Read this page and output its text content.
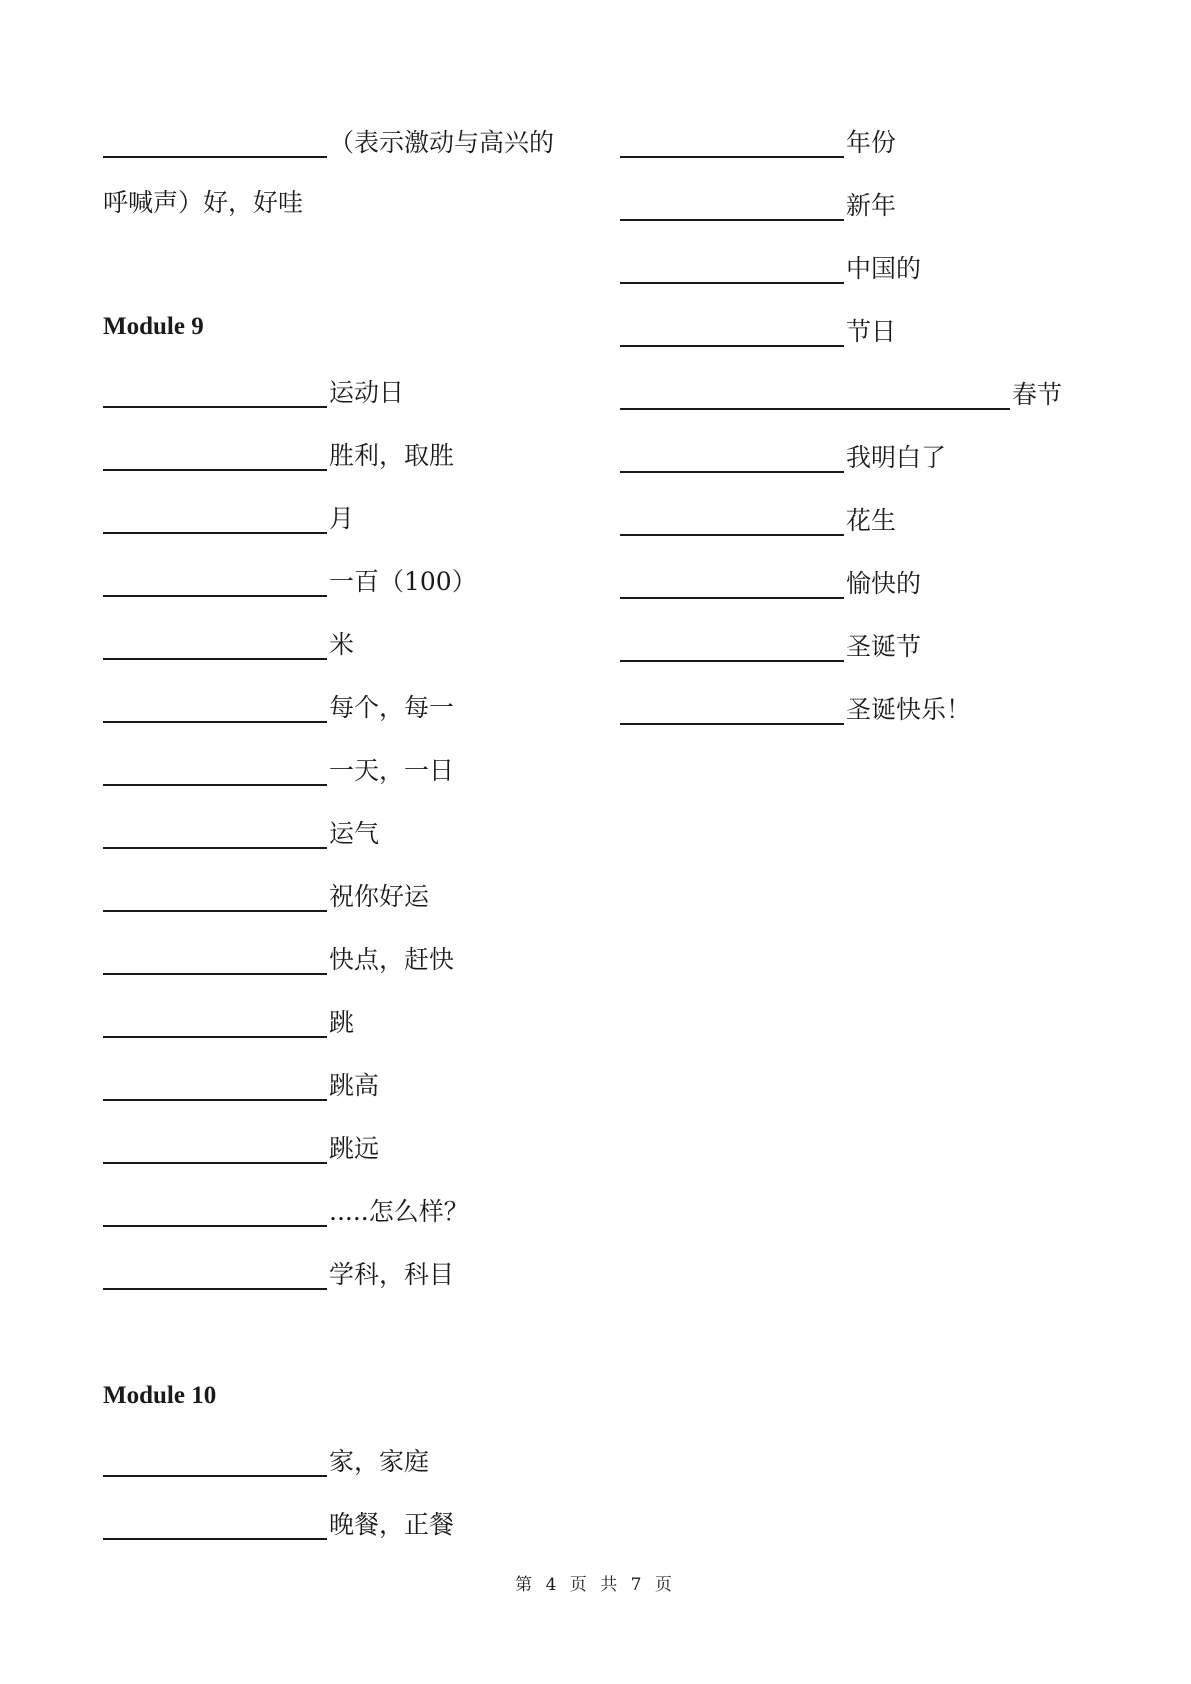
（表示激动与高兴的
呼喊声）好，好哇
Module 9
运动日
胜利，取胜
月
一百（100）
米
每个，每一
一天，一日
运气
祝你好运
快点，赶快
跳
跳高
跳远
.....怎么样？
学科，科目
Module 10
家，家庭
晚餐，正餐
年份
新年
中国的
节日
春节
我明白了
花生
愉快的
圣诞节
圣诞快乐！
第 4 页 共 7 页
